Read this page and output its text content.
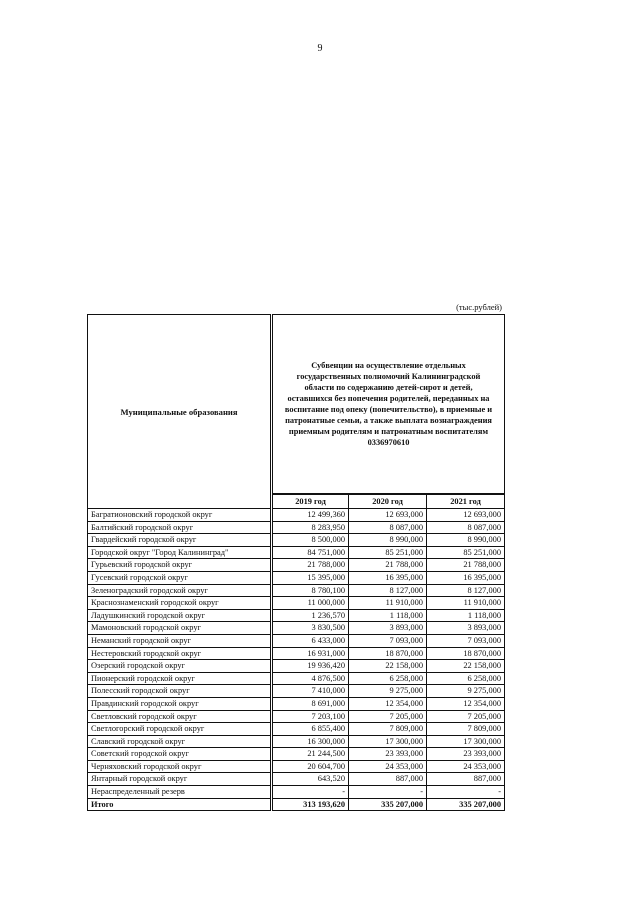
9
(тыс.рублей)
Муниципальные образования	Субвенции на осуществление отдельных государственных полномочий Калининградской области по содержанию детей-сирот и детей, оставшихся без попечения родителей, переданных на воспитание под опеку (попечительство), в приемные и патронатные семьи, а также выплата вознаграждения приемным родителям и патронатным воспитателям 0336970610		
	2019 год	2020 год	2021 год
Багратионовский городской округ	12 499,360	12 693,000	12 693,000
Балтийский городской округ	8 283,950	8 087,000	8 087,000
Гвардейский городской округ	8 500,000	8 990,000	8 990,000
Городской округ "Город Калининград"	84 751,000	85 251,000	85 251,000
Гурьевский городской округ	21 788,000	21 788,000	21 788,000
Гусевский городской округ	15 395,000	16 395,000	16 395,000
Зеленоградский городской округ	8 780,100	8 127,000	8 127,000
Краснознаменский городской округ	11 000,000	11 910,000	11 910,000
Ладушкинский городской округ	1 236,570	1 118,000	1 118,000
Мамоновский городской округ	3 830,500	3 893,000	3 893,000
Неманский городской округ	6 433,000	7 093,000	7 093,000
Нестеровский городской округ	16 931,000	18 870,000	18 870,000
Озерский городской округ	19 936,420	22 158,000	22 158,000
Пионерский городской округ	4 876,500	6 258,000	6 258,000
Полесский городской округ	7 410,000	9 275,000	9 275,000
Правдинский городской округ	8 691,000	12 354,000	12 354,000
Светловский городской округ	7 203,100	7 205,000	7 205,000
Светлогорский городской округ	6 855,400	7 809,000	7 809,000
Славский городской округ	16 300,000	17 300,000	17 300,000
Советский городской округ	21 244,500	23 393,000	23 393,000
Черняховский городской округ	20 604,700	24 353,000	24 353,000
Янтарный городской округ	643,520	887,000	887,000
Нераспределенный резерв	-	-	-
Итого	313 193,620	335 207,000	335 207,000
